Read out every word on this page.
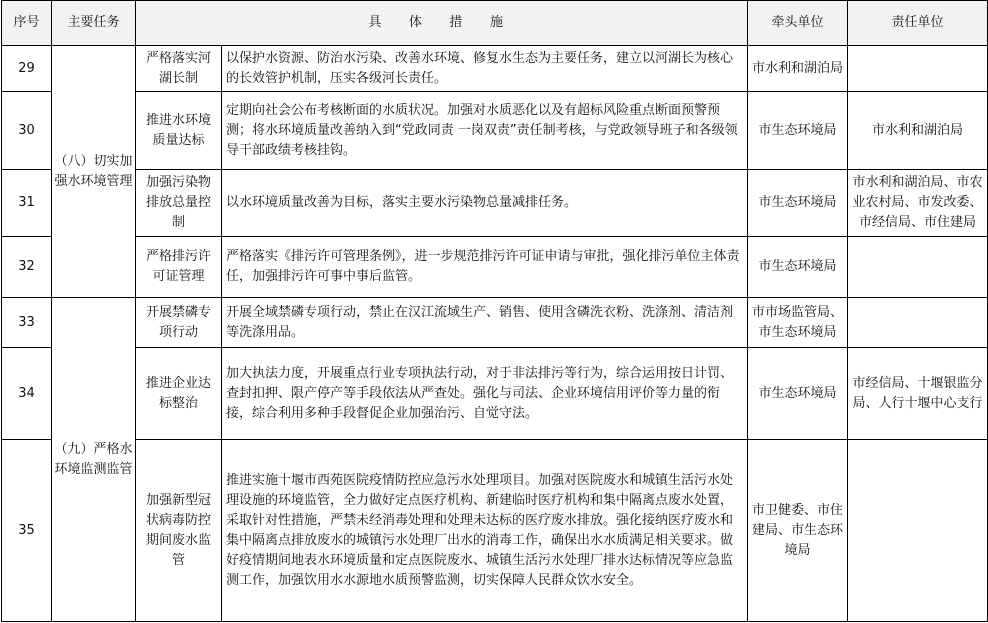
序号	主要任务	具 体 措 施		牵头单位	责任单位
29	（八）切实加强水环境管理	严格落实河湖长制	以保护水资源、防治水污染、改善水环境、修复水生态为主要任务，建立以河湖长为核心的长效管护机制，压实各级河长责任。	市水利和湖泊局	
30		推进水环境质量达标	定期向社会公布考核断面的水质状况。加强对水质恶化以及有超标风险重点断面预警预测；将水环境质量改善纳入到“党政同责 一岗双责”责任制考核，与党政领导班子和各级领导干部政绩考核挂钩。	市生态环境局	市水利和湖泊局
31		加强污染物排放总量控制	以水环境质量改善为目标，落实主要水污染物总量减排任务。	市生态环境局	市水利和湖泊局、市农业农村局、市发改委、市经信局、市住建局
32		严格排污许可证管理	严格落实《排污许可管理条例》，进一步规范排污许可证申请与审批，强化排污单位主体责任，加强排污许可事中事后监管。	市生态环境局	
33	（九）严格水环境监测监管	开展禁磷专项行动	开展全域禁磷专项行动，禁止在汉江流域生产、销售、使用含磷洗衣粉、洗涤剂、清洁剂等洗涤用品。	市市场监管局、市生态环境局	
34		推进企业达标整治	加大执法力度，开展重点行业专项执法行动，对于非法排污等行为，综合运用按日计罚、查封扣押、限产停产等手段依法从严查处。强化与司法、企业环境信用评价等力量的衔接，综合利用多种手段督促企业加强治污、自觉守法。	市生态环境局	市经信局、十堰银监分局、人行十堰中心支行
35		加强新型冠状病毒防控期间废水监管	推进实施十堰市西苑医院疫情防控应急污水处理项目。加强对医院废水和城镇生活污水处理设施的环境监管，全力做好定点医疗机构、新建临时医疗机构和集中隔离点废水处置，采取针对性措施，严禁未经消毒处理和处理未达标的医疗废水排放。强化接纳医疗废水和集中隔离点排放废水的城镇污水处理厂出水的消毒工作，确保出水水质满足相关要求。做好疫情期间地表水环境质量和定点医院废水、城镇生活污水处理厂排水达标情况等应急监测工作，加强饮用水水源地水质预警监测，切实保障人民群众饮水安全。	市卫健委、市住建局、市生态环境局	
